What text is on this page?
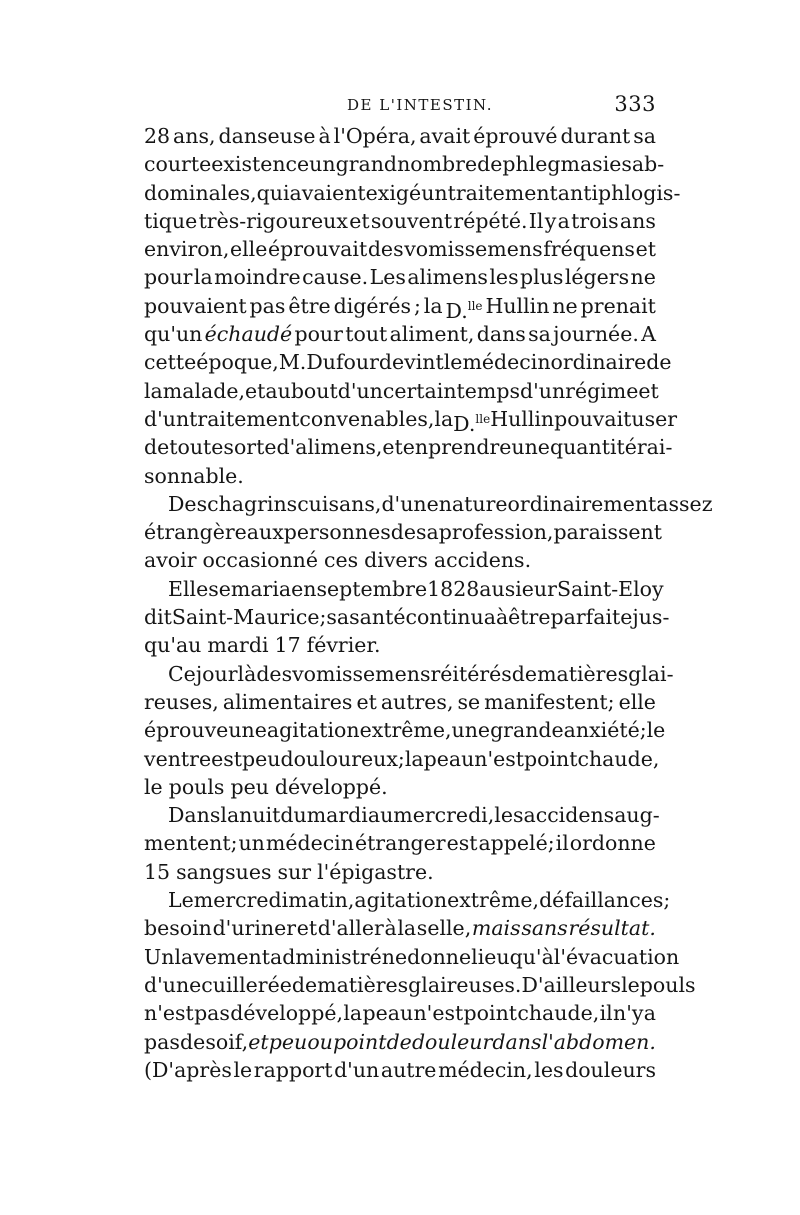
DE L'INTESTIN.	333
28 ans, danseuse à l'Opéra, avait éprouvé durant sa
courte existence un grand nombre de phlegmasies ab-
dominales, qui avaient exigé un traitement antiphlogis-
tique très-rigoureux et souvent répété. Il y a trois ans
environ, elle éprouvait des vomissemens fréquens et
pour la moindre cause. Les alimens les plus légers ne
pouvaient pas être digérés ; la D.$^{lle}$ Hullin ne prenait
qu'un échaudé pour tout aliment, dans sa journée. A
cette époque, M. Dufour devint le médecin ordinaire de
la malade, et au bout d'un certain temps d'un régime et
d'un traitement convenables, la D.$^{lle}$ Hullin pouvait user
de toute sorte d'alimens, et en prendre une quantité rai-
sonnable.
Des chagrins cuisans, d'une nature ordinairement assez
étrangère aux personnes de sa profession, paraissent
avoir occasionné ces divers accidens.
Elle se maria en septembre 1828 au sieur Saint-Eloy
dit Saint-Maurice; sa santé continua à être parfaite jus-
qu'au mardi 17 février.
Ce jour là des vomissemens réitérés de matières glai-
reuses, alimentaires et autres, se manifestent; elle
éprouve une agitation extrême, une grande anxiété; le
ventre est peu douloureux; la peau n'est point chaude,
le pouls peu développé.
Dans la nuit du mardi au mercredi, les accidens aug-
mentent; un médecin étranger est appelé; il ordonne
15 sangsues sur l'épigastre.
Le mercredi matin, agitation extrême, défaillances;
besoin d'uriner et d'aller à la selle, mais sans résultat.
Un lavement administré ne donne lieu qu'à l'évacuation
d'une cuillerée de matières glaireuses. D'ailleurs le pouls
n'est pas développé, la peau n'est point chaude, il n'y a
pas de soif, et peu ou point de douleur dans l'abdomen.
(D'après le rapport d'un autre médecin, les douleurs
